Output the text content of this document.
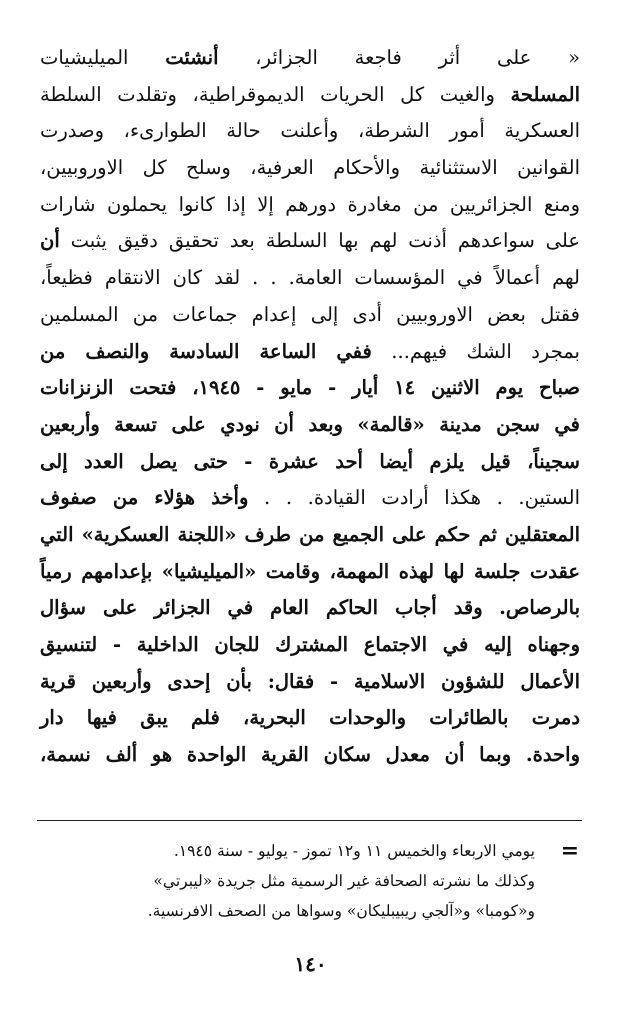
« على أثر فاجعة الجزائر، أنشئت الميليشيات
المسلحة والغيت كل الحريات الديموقراطية، وتقلدت السلطة
العسكرية أمور الشرطة، وأعلنت حالة الطوارىء، وصدرت
القوانين الاستثنائية والأحكام العرفية، وسلح كل الاوروبيين،
ومنع الجزائريين من مغادرة دورهم إلا إذا كانوا يحملون شارات
على سواعدهم أذنت لهم بها السلطة بعد تحقيق دقيق يثبت أن
لهم أعمالاً في المؤسسات العامة. . . لقد كان الانتقام فظيعاً،
فقتل بعض الاوروبيين أدى إلى إعدام جماعات من المسلمين
بمجرد الشك فيهم... ففي الساعة السادسة والنصف من
صباح يوم الاثنين ١٤ أيار - مايو - ١٩٤٥، فتحت الزنزانات
في سجن مدينة «قالمة» وبعد أن نودي على تسعة وأربعين
سجيناً، قيل يلزم أيضا أحد عشرة - حتى يصل العدد إلى
الستين. . هكذا أرادت القيادة. . . وأخذ هؤلاء من صفوف
المعتقلين ثم حكم على الجميع من طرف «اللجنة العسكرية» التي
عقدت جلسة لها لهذه المهمة، وقامت «الميليشيا» بإعدامهم رمياً
بالرصاص. وقد أجاب الحاكم العام في الجزائر على سؤال
وجهناه إليه في الاجتماع المشترك للجان الداخلية - لتنسيق
الأعمال للشؤون الاسلامية - فقال: بأن إحدى وأربعين قرية
دمرت بالطائرات والوحدات البحرية، فلم يبق فيها دار
واحدة. وبما أن معدل سكان القرية الواحدة هو ألف نسمة،
=
يومي الاربعاء والخميس ١١ و١٢ تموز - يوليو - سنة ١٩٤٥.
وكذلك ما نشرته الصحافة غير الرسمية مثل جريدة «ليبرتي»
و«كومبا» و«آلجي ريبيبليكان» وسواها من الصحف الافرنسية.
١٤٠
